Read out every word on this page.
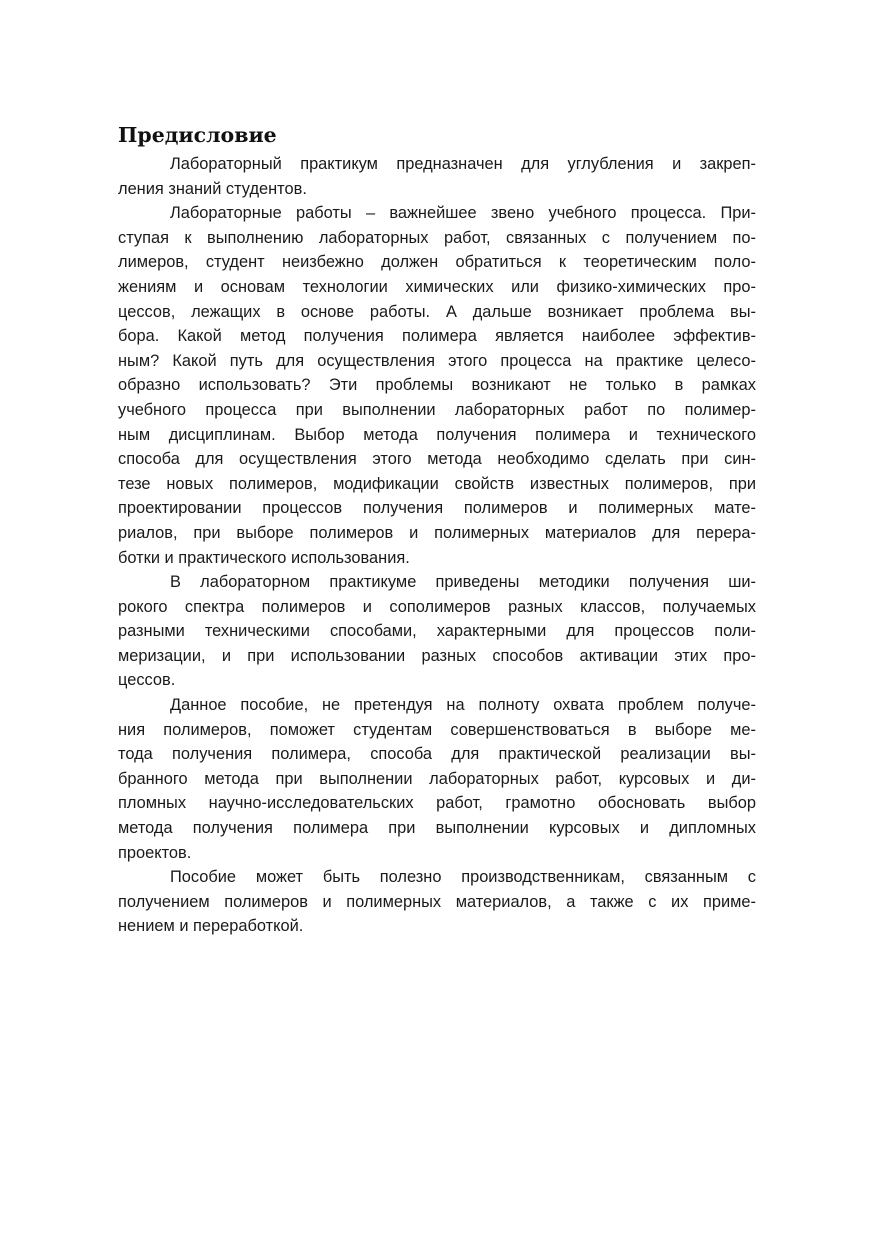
Предисловие
Лабораторный практикум предназначен для углубления и закреп-
ления знаний студентов.
Лабораторные работы – важнейшее звено учебного процесса. При-
ступая к выполнению лабораторных работ, связанных с получением по-
лимеров, студент неизбежно должен обратиться к теоретическим поло-
жениям и основам технологии химических или физико-химических про-
цессов, лежащих в основе работы. А дальше возникает проблема вы-
бора. Какой метод получения полимера является наиболее эффектив-
ным? Какой путь для осуществления этого процесса на практике целесо-
образно использовать? Эти проблемы возникают не только в рамках
учебного процесса при выполнении лабораторных работ по полимер-
ным дисциплинам. Выбор метода получения полимера и технического
способа для осуществления этого метода необходимо сделать при син-
тезе новых полимеров, модификации свойств известных полимеров, при
проектировании процессов получения полимеров и полимерных мате-
риалов, при выборе полимеров и полимерных материалов для перера-
ботки и практического использования.
В лабораторном практикуме приведены методики получения ши-
рокого спектра полимеров и сополимеров разных классов, получаемых
разными техническими способами, характерными для процессов поли-
меризации, и при использовании разных способов активации этих про-
цессов.
Данное пособие, не претендуя на полноту охвата проблем получе-
ния полимеров, поможет студентам совершенствоваться в выборе ме-
тода получения полимера, способа для практической реализации вы-
бранного метода при выполнении лабораторных работ, курсовых и ди-
пломных научно-исследовательских работ, грамотно обосновать выбор
метода получения полимера при выполнении курсовых и дипломных
проектов.
Пособие может быть полезно производственникам, связанным с
получением полимеров и полимерных материалов, а также с их приме-
нением и переработкой.
